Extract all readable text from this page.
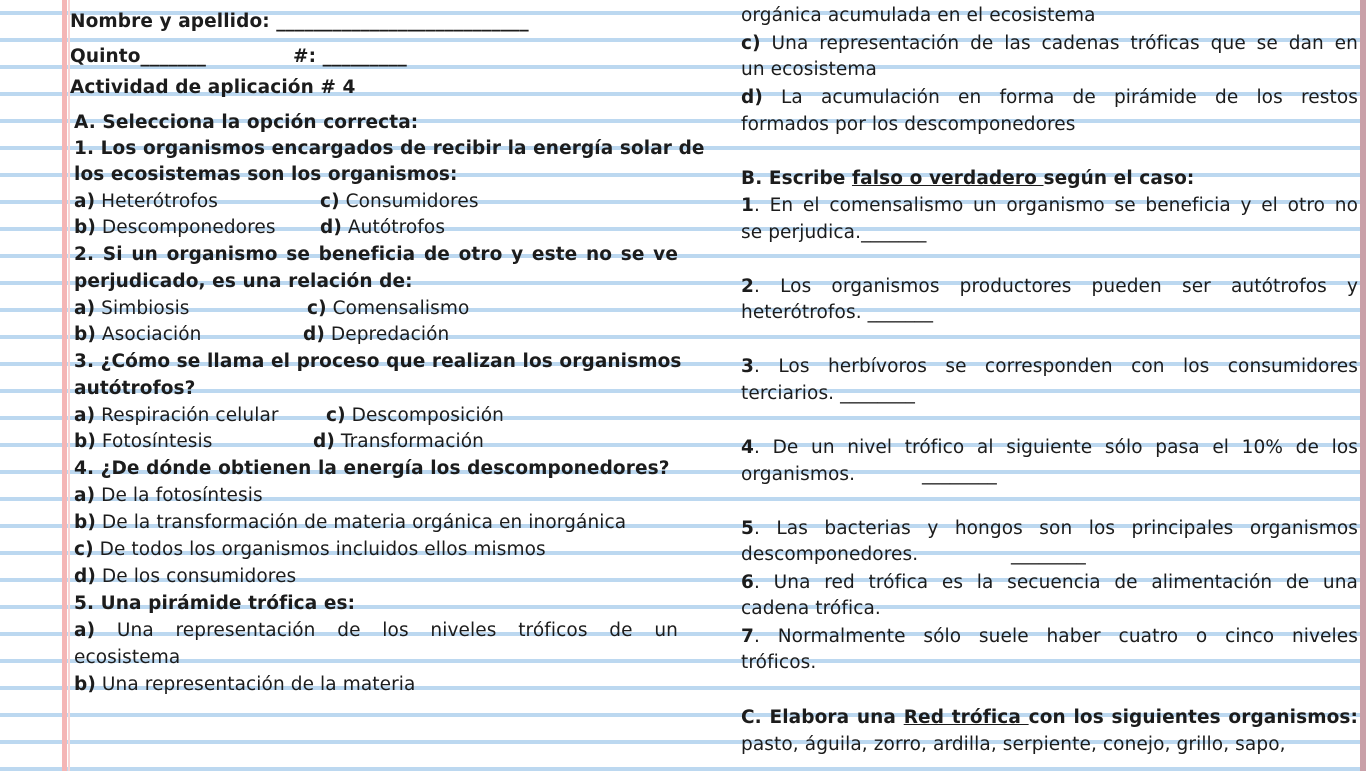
Nombre y apellido: ___________________________
Quinto_______	#: _________
Actividad de aplicación # 4
A. Selecciona la opción correcta:
1. Los organismos encargados de recibir la energía solar de
los ecosistemas son los organismos:
a) Heterótrofos	c) Consumidores
b) Descomponedores d) Autótrofos
2. Si un organismo se beneficia de otro y este no se ve
perjudicado, es una relación de:
a) Simbiosis	c) Comensalismo
b) Asociación	d) Depredación
3. ¿Cómo se llama el proceso que realizan los organismos
autótrofos?
a) Respiración celular	c) Descomposición
b) Fotosíntesis	d) Transformación
4. ¿De dónde obtienen la energía los descomponedores?
a) De la fotosíntesis
b) De la transformación de materia orgánica en inorgánica
c) De todos los organismos incluidos ellos mismos
d) De los consumidores
5. Una pirámide trófica es:
a) Una representación de los niveles tróficos de un
ecosistema
b) Una representación de la materia
orgánica acumulada en el ecosistema
c) Una representación de las cadenas tróficas que se dan en
un ecosistema
d) La acumulación en forma de pirámide de los restos
formados por los descomponedores
B. Escribe falso o verdadero según el caso:
1. En el comensalismo un organismo se beneficia y el otro no
se perjudica._______
2. Los organismos productores pueden ser autótrofos y
heterótrofos. _______
3. Los herbívoros se corresponden con los consumidores
terciarios. ________
4. De un nivel trófico al siguiente sólo pasa el 10% de los
organismos.	________
5. Las bacterias y hongos son los principales organismos
descomponedores.	________
6. Una red trófica es la secuencia de alimentación de una
cadena trófica.
7. Normalmente sólo suele haber cuatro o cinco niveles
tróficos.
C. Elabora una Red trófica con los siguientes organismos:
pasto, águila, zorro, ardilla, serpiente, conejo, grillo, sapo,
